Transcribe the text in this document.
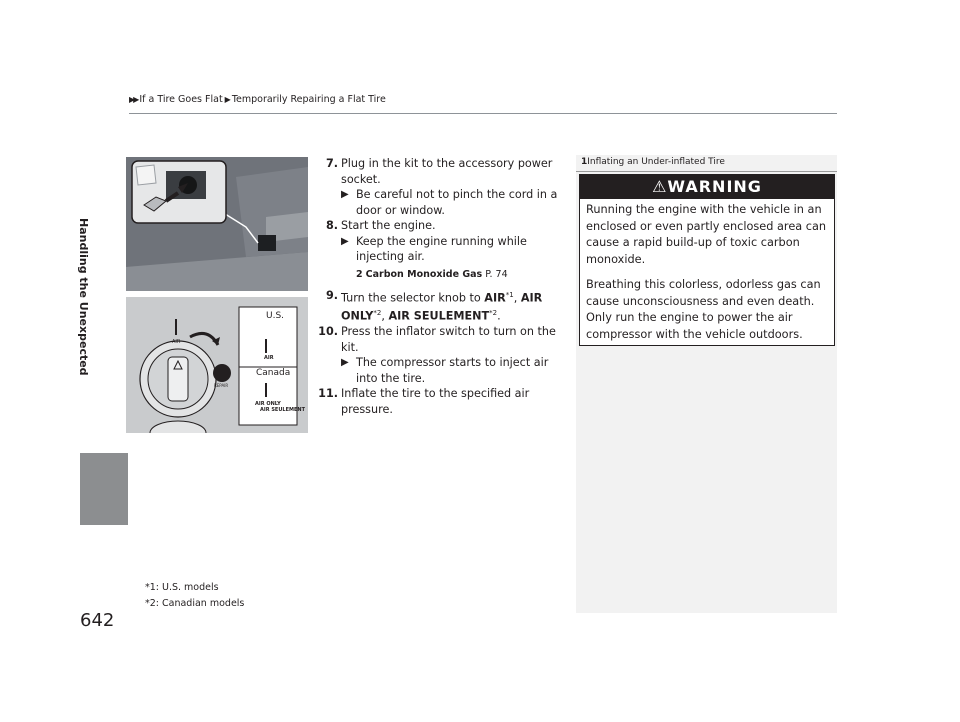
▶▶ If a Tire Goes Flat ▶ Temporarily Repairing a Flat Tire
Handling the Unexpected
642
AIR
REPAIR
U.S.
AIR
Canada
AIR ONLY
AIR SEULEMENT
7. Plug in the kit to the accessory power socket.
▶ Be careful not to pinch the cord in a door or window.
8. Start the engine.
▶ Keep the engine running while injecting air.
2 Carbon Monoxide Gas P. 74
9. Turn the selector knob to AIR$^{*1}$, AIR ONLY$^{*2}$, AIR SEULEMENT$^{*2}$.
10. Press the inflator switch to turn on the kit.
▶ The compressor starts to inject air into the tire.
11. Inflate the tire to the specified air pressure.
*1: U.S. models
*2: Canadian models
1Inflating an Under-inflated Tire
⚠WARNING

Running the engine with the vehicle in an enclosed or even partly enclosed area can cause a rapid build-up of toxic carbon monoxide.

Breathing this colorless, odorless gas can cause unconsciousness and even death. Only run the engine to power the air compressor with the vehicle outdoors.
